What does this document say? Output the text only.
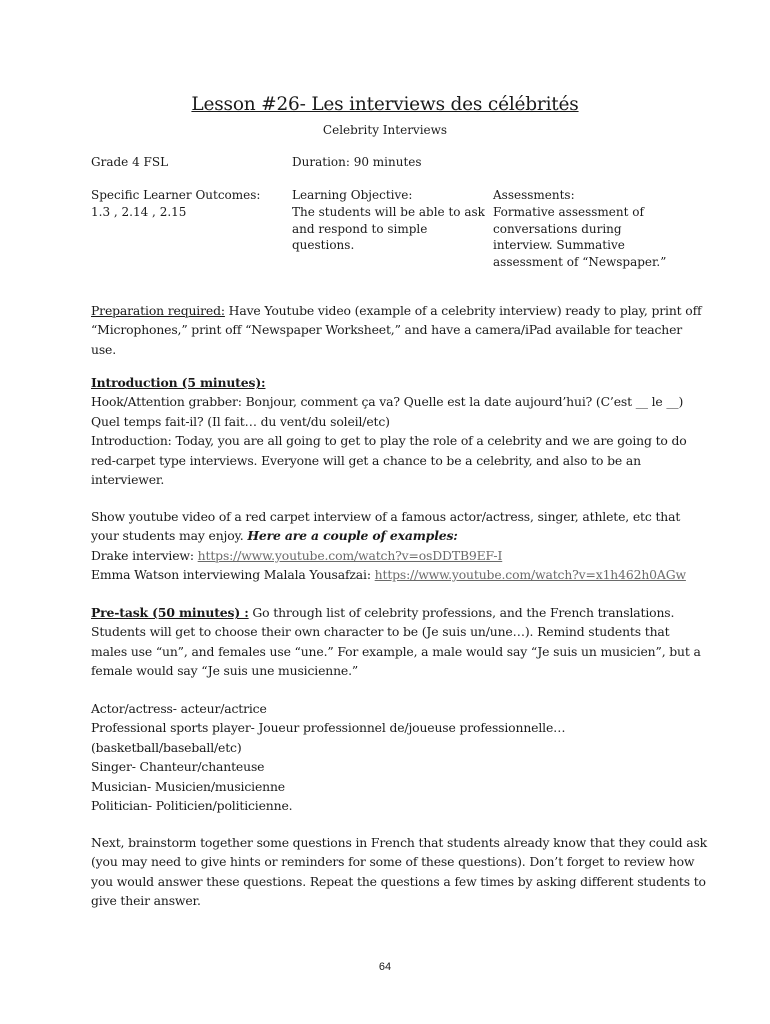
Lesson #26- Les interviews des célébrités
Celebrity Interviews
Grade 4 FSL	Duration: 90 minutes
Specific Learner Outcomes:
1.3 , 2.14 , 2.15
Learning Objective:
The students will be able to ask
and respond to simple
questions.
Assessments:
Formative assessment of
conversations during
interview. Summative
assessment of “Newspaper.”
Preparation required: Have Youtube video (example of a celebrity interview) ready to play, print off
“Microphones,” print off “Newspaper Worksheet,” and have a camera/iPad available for teacher
use.
Introduction (5 minutes):
Hook/Attention grabber: Bonjour, comment ça va? Quelle est la date aujourd’hui? (C’est __ le __)
Quel temps fait-il? (Il fait… du vent/du soleil/etc)
Introduction: Today, you are all going to get to play the role of a celebrity and we are going to do
red-carpet type interviews. Everyone will get a chance to be a celebrity, and also to be an
interviewer.
Show youtube video of a red carpet interview of a famous actor/actress, singer, athlete, etc that
your students may enjoy. Here are a couple of examples:
Drake interview: https://www.youtube.com/watch?v=osDDTB9EF-I
Emma Watson interviewing Malala Yousafzai: https://www.youtube.com/watch?v=x1h462h0AGw
Pre-task (50 minutes) : Go through list of celebrity professions, and the French translations.
Students will get to choose their own character to be (Je suis un/une…). Remind students that
males use “un”, and females use “une.” For example, a male would say “Je suis un musicien”, but a
female would say “Je suis une musicienne.”
Actor/actress- acteur/actrice
Professional sports player- Joueur professionnel de/joueuse professionnelle…
(basketball/baseball/etc)
Singer- Chanteur/chanteuse
Musician- Musicien/musicienne
Politician- Politicien/politicienne.
Next, brainstorm together some questions in French that students already know that they could ask
(you may need to give hints or reminders for some of these questions). Don’t forget to review how
you would answer these questions. Repeat the questions a few times by asking different students to
give their answer.
64
